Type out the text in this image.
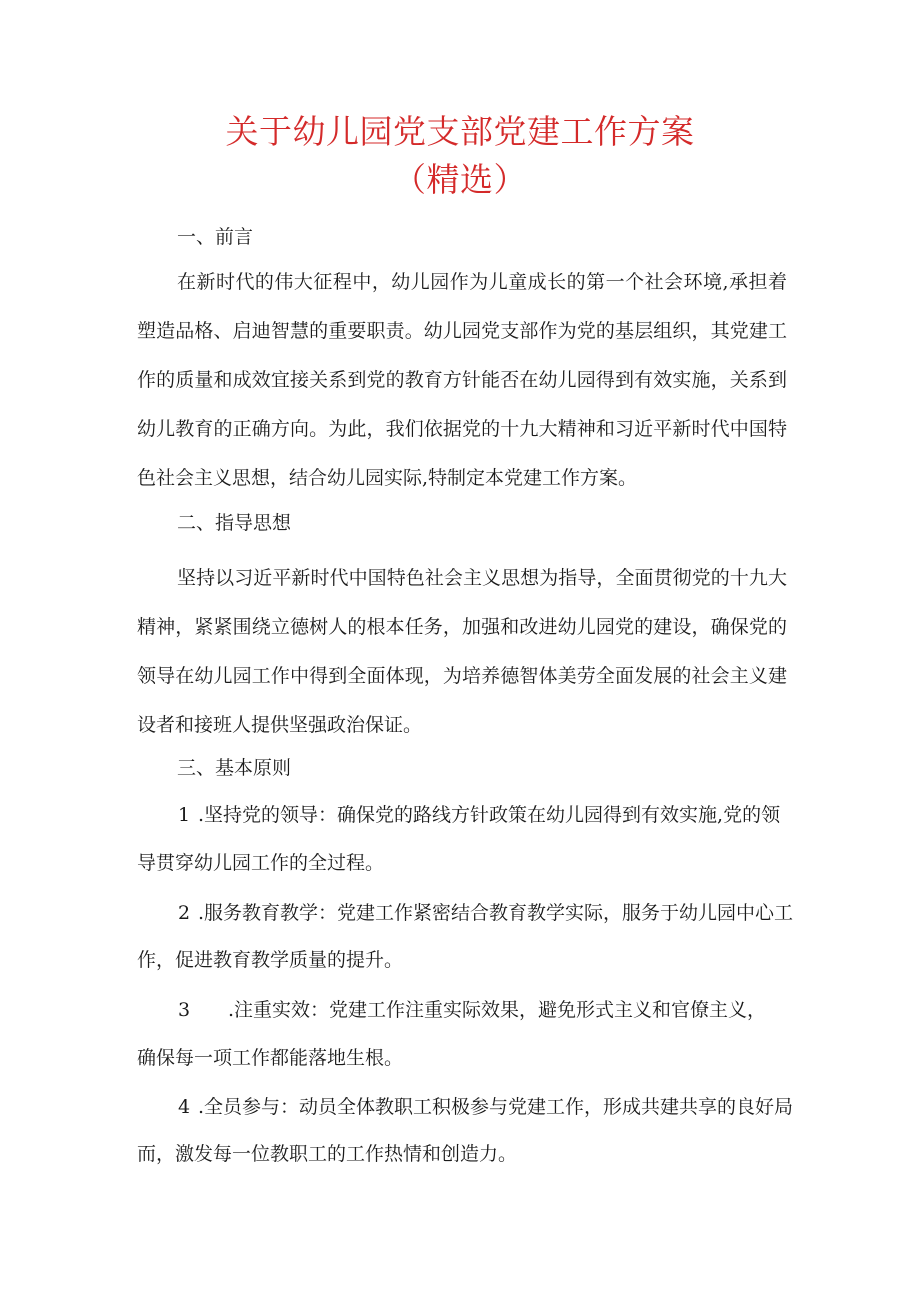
关于幼儿园党支部党建工作方案
（精选）

一、前言

在新时代的伟大征程中，幼儿园作为儿童成长的第一个社会环境,承担着塑造品格、启迪智慧的重要职责。幼儿园党支部作为党的基层组织，其党建工作的质量和成效宜接关系到党的教育方针能否在幼儿园得到有效实施，关系到幼儿教育的正确方向。为此，我们依据党的十九大精神和习近平新时代中国特色社会主义思想，结合幼儿园实际,特制定本党建工作方案。

二、指导思想

坚持以习近平新时代中国特色社会主义思想为指导，全面贯彻党的十九大精神，紧紧围绕立德树人的根本任务，加强和改进幼儿园党的建设，确保党的领导在幼儿园工作中得到全面体现，为培养德智体美劳全面发展的社会主义建设者和接班人提供坚强政治保证。

三、基本原则

1 .坚持党的领导：确保党的路线方针政策在幼儿园得到有效实施,党的领

导贯穿幼儿园工作的全过程。

2 .服务教育教学：党建工作紧密结合教育教学实际，服务于幼儿园中心工

作，促进教育教学质量的提升。

3 .注重实效：党建工作注重实际效果，避免形式主义和官僚主义，

确保每一项工作都能落地生根。

4 .全员参与：动员全体教职工积极参与党建工作，形成共建共享的良好局

而，激发每一位教职工的工作热情和创造力。
